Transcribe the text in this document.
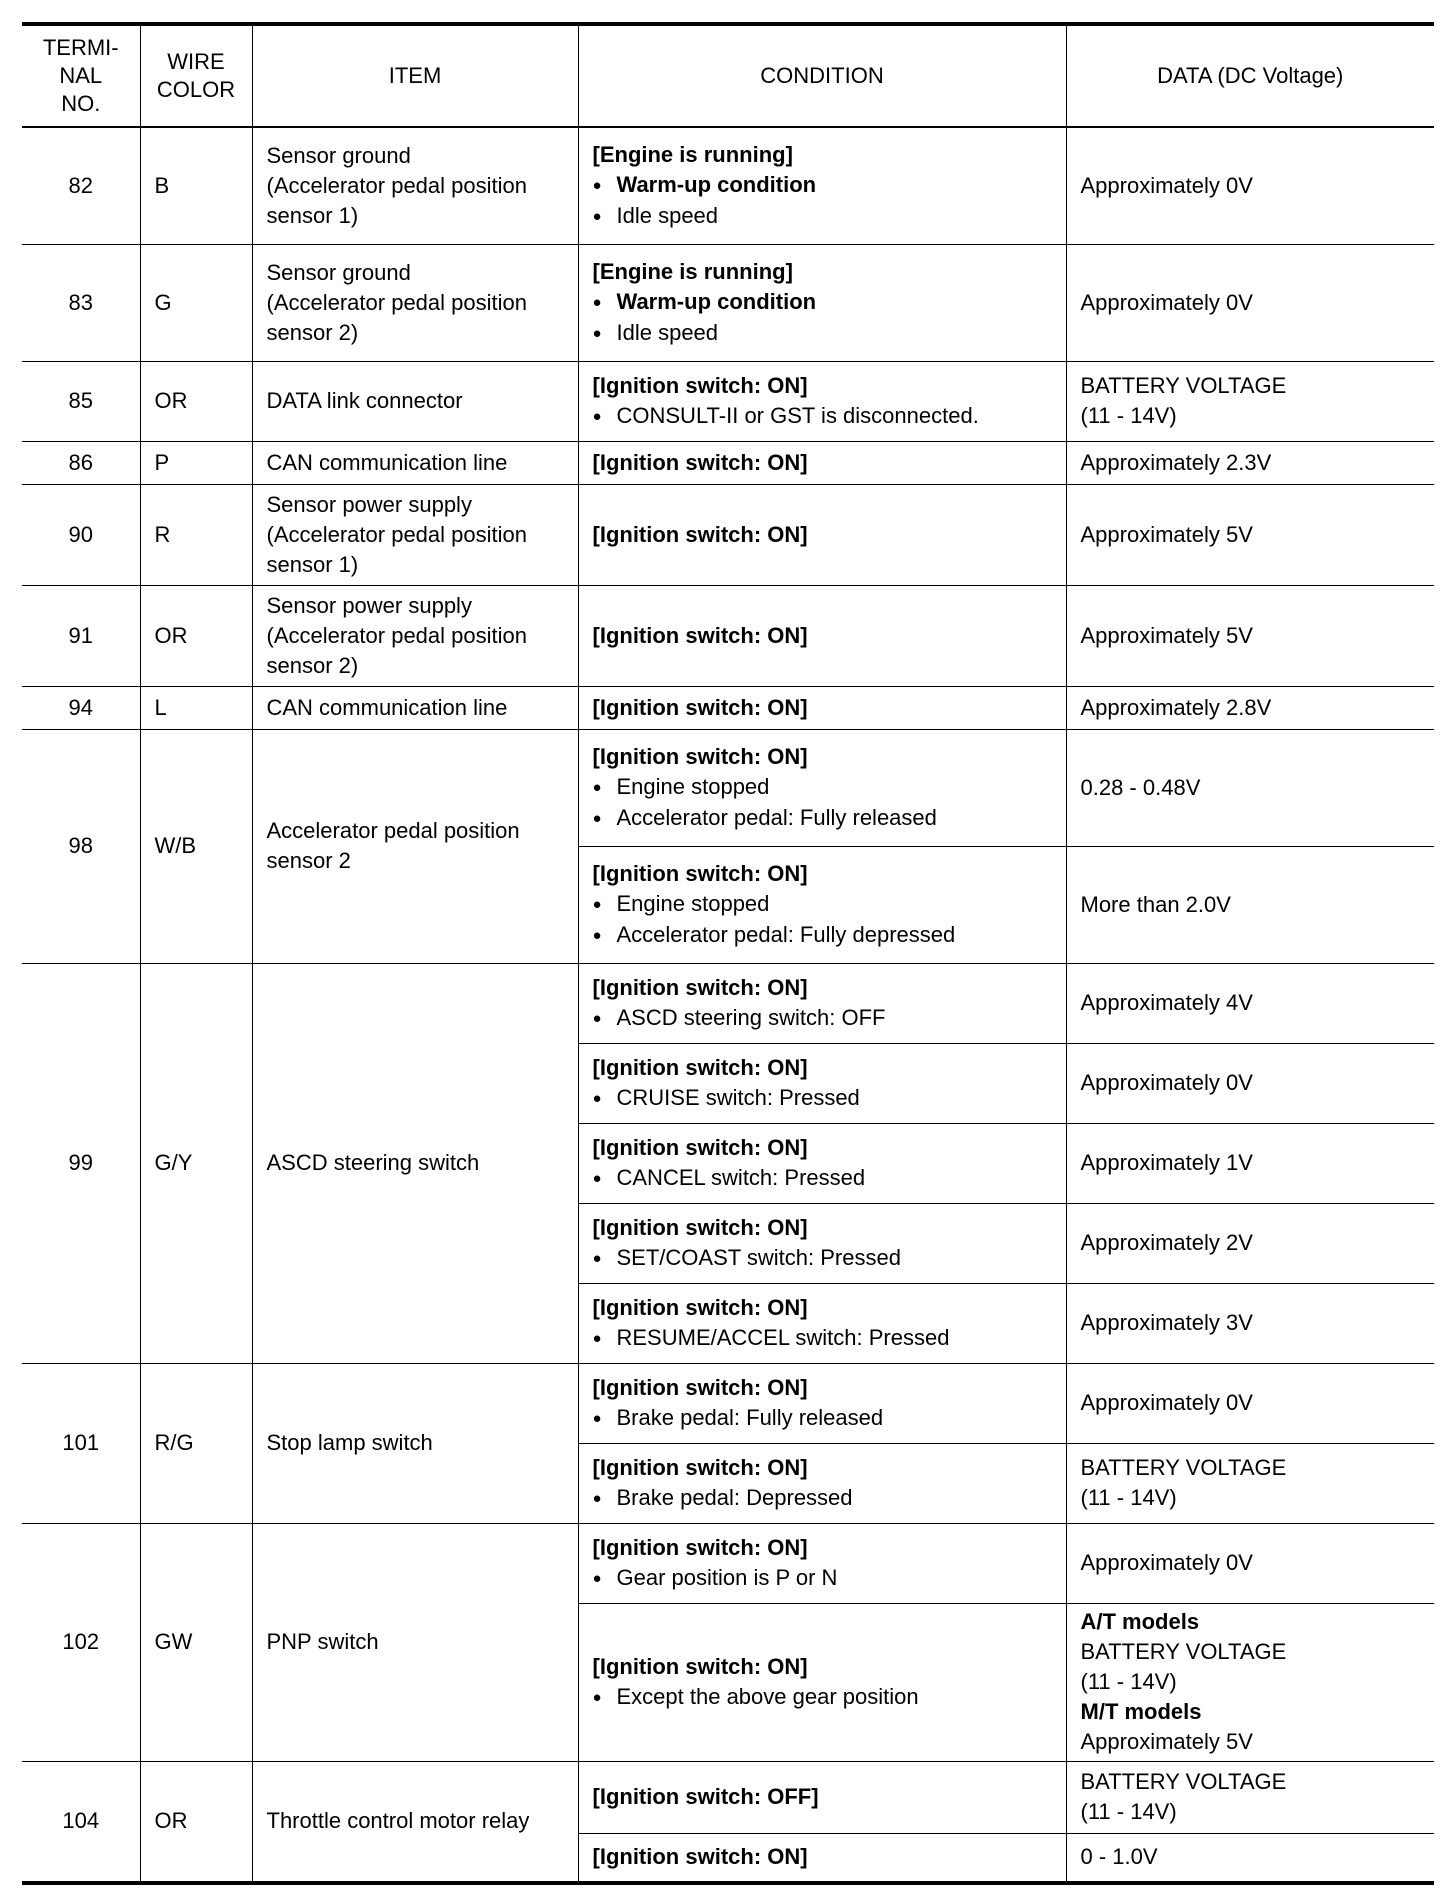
TERMI-
NAL
NO.	WIRE
COLOR	ITEM	CONDITION	DATA (DC Voltage)
82	B	Sensor ground
(Accelerator pedal position
sensor 1)	[Engine is running]
● Warm-up condition
● Idle speed	Approximately 0V

83	G	Sensor ground
(Accelerator pedal position
sensor 2)	[Engine is running]
● Warm-up condition
● Idle speed	Approximately 0V

85	OR	DATA link connector	[Ignition switch: ON]
● CONSULT-II or GST is disconnected.	BATTERY VOLTAGE
(11 - 14V)

86	P	CAN communication line	[Ignition switch: ON]	Approximately 2.3V

90	R	Sensor power supply
(Accelerator pedal position
sensor 1)	[Ignition switch: ON]	Approximately 5V

91	OR	Sensor power supply
(Accelerator pedal position
sensor 2)	[Ignition switch: ON]	Approximately 5V

94	L	CAN communication line	[Ignition switch: ON]	Approximately 2.8V

98	W/B	Accelerator pedal position
sensor 2	[Ignition switch: ON]
● Engine stopped
● Accelerator pedal: Fully released	0.28 - 0.48V

			[Ignition switch: ON]
● Engine stopped
● Accelerator pedal: Fully depressed	More than 2.0V

99	G/Y	ASCD steering switch	[Ignition switch: ON]
● ASCD steering switch: OFF	Approximately 4V

			[Ignition switch: ON]
● CRUISE switch: Pressed	Approximately 0V

			[Ignition switch: ON]
● CANCEL switch: Pressed	Approximately 1V

			[Ignition switch: ON]
● SET/COAST switch: Pressed	Approximately 2V

			[Ignition switch: ON]
● RESUME/ACCEL switch: Pressed	Approximately 3V

101	R/G	Stop lamp switch	[Ignition switch: ON]
● Brake pedal: Fully released	Approximately 0V

			[Ignition switch: ON]
● Brake pedal: Depressed	BATTERY VOLTAGE
(11 - 14V)

102	GW	PNP switch	[Ignition switch: ON]
● Gear position is P or N	Approximately 0V

			[Ignition switch: ON]
● Except the above gear position	A/T models
BATTERY VOLTAGE
(11 - 14V)
M/T models
Approximately 5V

104	OR	Throttle control motor relay	[Ignition switch: OFF]	BATTERY VOLTAGE
(11 - 14V)

			[Ignition switch: ON]	0 - 1.0V
